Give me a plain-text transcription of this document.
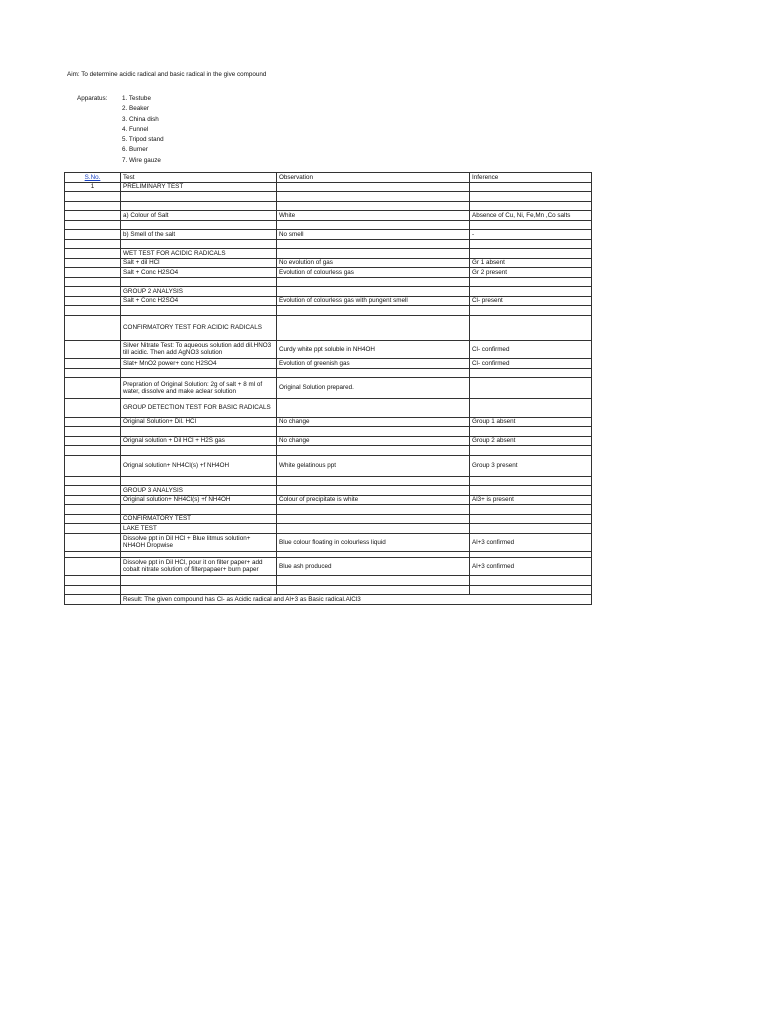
Aim: To determine acidic radical and basic radical in the give compound
Apparatus: 1. Testube
2. Beaker
3. China dish
4. Funnel
5. Tripod stand
6. Burner
7. Wire gauze
S.No.	Test	Observation	Inference
1	PRELIMINARY TEST		

	a) Colour of Salt	White	Absence of Cu, Ni, Fe,Mn ,Co salts

	b) Smell of the salt	No smell	-

	WET TEST FOR ACIDIC RADICALS		
	Salt + dil HCl	No evolution of gas	Gr 1 absent
	Salt + Conc H2SO4	Evolution of colourless gas	Gr 2 present

	GROUP 2 ANALYSIS		
	Salt + Conc H2SO4	Evolution of colourless gas with pungent smell	Cl- present

	CONFIRMATORY TEST FOR ACIDIC RADICALS		
	Silver Nitrate Test: To aqueous solution add dil.HNO3 till acidic. Then add AgNO3 solution	Curdy white ppt soluble in NH4OH	Cl- confirmed
	Slat+ MnO2 power+ conc H2SO4	Evolution of greenish gas	Cl- confirmed

	Prepration of Original Solution: 2g of salt + 8 ml of water, dissolve and make aclear solution	Original Solution prepared.	
	GROUP DETECTION TEST FOR BASIC RADICALS		
	Original Solution+ Dil. HCl	No change	Group 1 absent

	Orignal solution + Dil HCl + H2S gas	No change	Group 2 absent

	Orignal solution+ NH4Cl(s) +f NH4OH	White gelatinous ppt	Group 3 present

	GROUP 3 ANALYSIS		
	Original solution+ NH4Cl(s) +f NH4OH	Colour of precipitate is white	Al3+ is present

	CONFIRMATORY TEST		
	LAKE TEST		
	Dissolve ppt in Dil HCl + Blue litmus solution+ NH4OH Dropwise	Blue colour floating in colourless liquid	Al+3 confirmed

	Dissolve ppt in Dil HCl, pour it on filter paper+ add cobalt nitrate solution of filterpapaer+ burn paper	Blue ash produced	Al+3 confirmed

	Result: The given compound has Cl- as Acidic radical and Al+3 as Basic radical.AlCl3		
